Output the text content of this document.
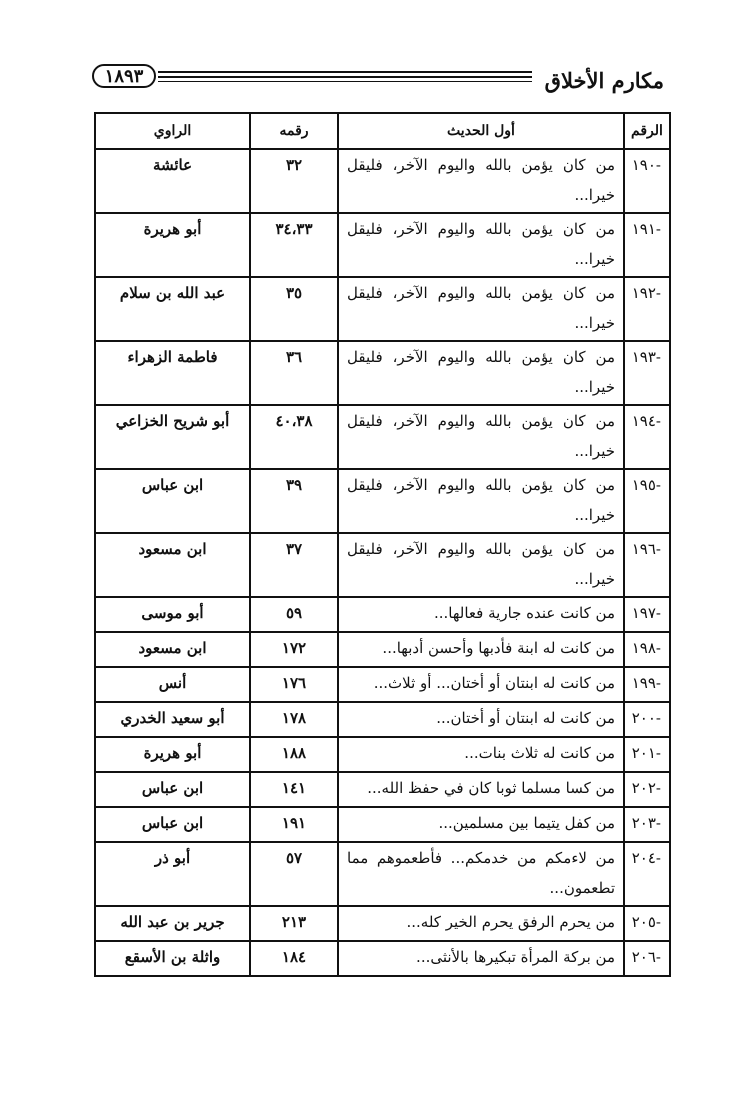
مكارم الأخلاق
١٨٩٣
الرقم	أول الحديث	رقمه	الراوي
-١٩٠	من كان يؤمن بالله واليوم الآخر، فليقل خيرا...	٣٢	عائشة
-١٩١	من كان يؤمن بالله واليوم الآخر، فليقل خيرا...	٣٤،٣٣	أبو هريرة
-١٩٢	من كان يؤمن بالله واليوم الآخر، فليقل خيرا...	٣٥	عبد الله بن سلام
-١٩٣	من كان يؤمن بالله واليوم الآخر، فليقل خيرا...	٣٦	فاطمة الزهراء
-١٩٤	من كان يؤمن بالله واليوم الآخر، فليقل خيرا...	٤٠،٣٨	أبو شريح الخزاعي
-١٩٥	من كان يؤمن بالله واليوم الآخر، فليقل خيرا...	٣٩	ابن عباس
-١٩٦	من كان يؤمن بالله واليوم الآخر، فليقل خيرا...	٣٧	ابن مسعود
-١٩٧	من كانت عنده جارية فعالها...	٥٩	أبو موسى
-١٩٨	من كانت له ابنة فأدبها وأحسن أدبها...	١٧٢	ابن مسعود
-١٩٩	من كانت له ابنتان أو أختان... أو ثلاث...	١٧٦	أنس
-٢٠٠	من كانت له ابنتان أو أختان...	١٧٨	أبو سعيد الخدري
-٢٠١	من كانت له ثلاث بنات...	١٨٨	أبو هريرة
-٢٠٢	من كسا مسلما ثوبا كان في حفظ الله...	١٤١	ابن عباس
-٢٠٣	من كفل يتيما بين مسلمين...	١٩١	ابن عباس
-٢٠٤	من لاءمكم من خدمكم... فأطعموهم مما تطعمون...	٥٧	أبو ذر
-٢٠٥	من يحرم الرفق يحرم الخير كله...	٢١٣	جرير بن عبد الله
-٢٠٦	من بركة المرأة تبكيرها بالأنثى...	١٨٤	واثلة بن الأسقع
